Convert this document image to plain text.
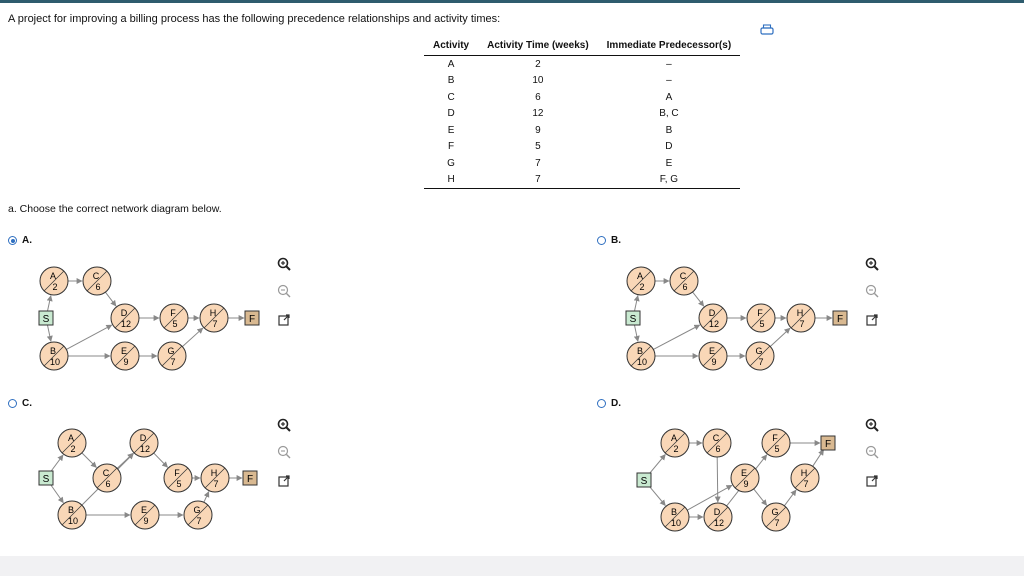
A project for improving a billing process has the following precedence relationships and activity times:
Activity	Activity Time (weeks)	Immediate Predecessor(s)
A	2	–
B	10	–
C	6	A
D	12	B, C
E	9	B
F	5	D
G	7	E
H	7	F, G
a. Choose the correct network diagram below.
A.	B.
C.	D.
S	F
A
2
C
6
D
12
F
5
H
7
B
10
E
9
G
7
S	F
A
2
C
6
D
12
F
5
H
7
B
10
E
9
G
7
S	F
A
2
D
12
C
6
F
5
H
7
B
10
E
9
G
7
S
F
A
2
C
6
F
5
E
9
H
7
B
10
D
12
G
7
